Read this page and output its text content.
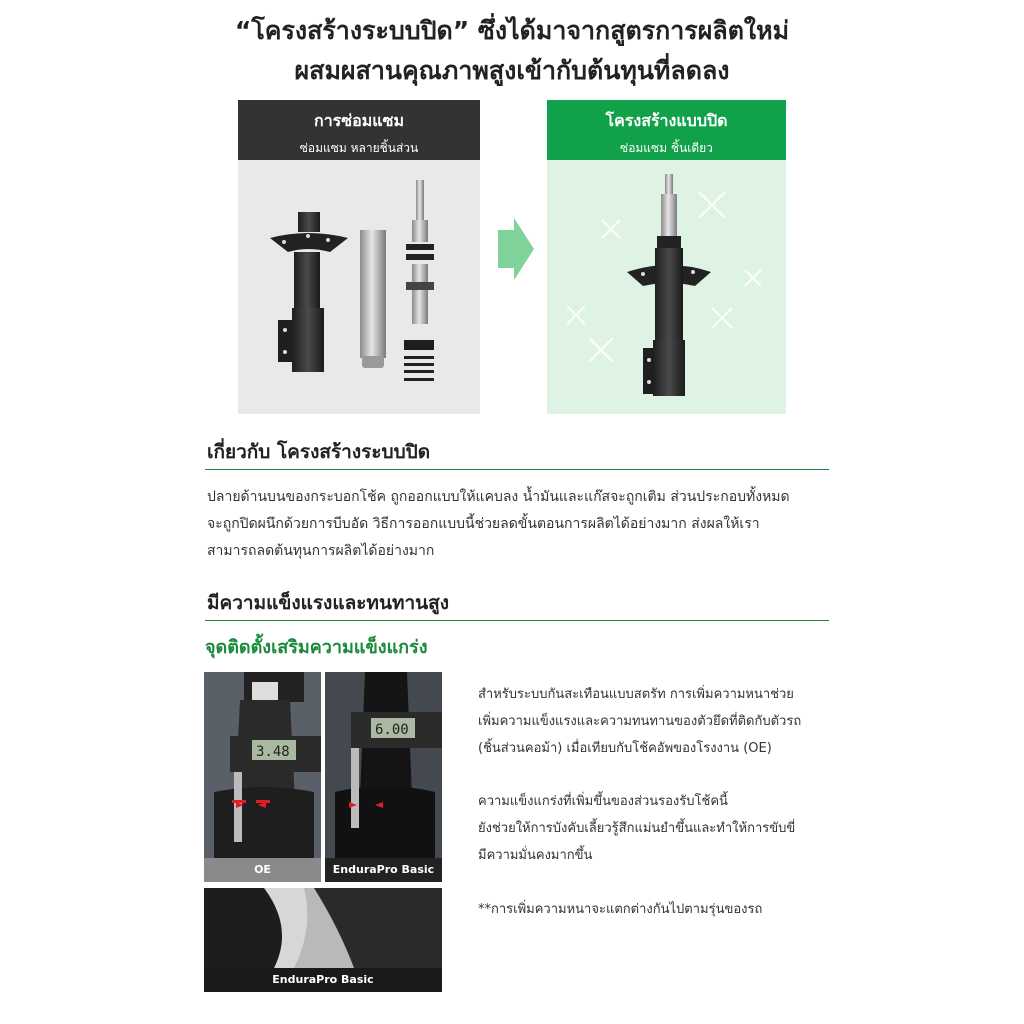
“โครงสร้างระบบปิด” ซึ่งได้มาจากสูตรการผลิตใหม่
ผสมผสานคุณภาพสูงเข้ากับต้นทุนที่ลดลง
การซ่อมแซม
ซ่อมแซม หลายชิ้นส่วน
โครงสร้างแบบปิด
ซ่อมแซม ชิ้นเดียว
เกี่ยวกับ โครงสร้างระบบปิด
ปลายด้านบนของกระบอกโช้ค ถูกออกแบบให้แคบลง น้ำมันและแก๊สจะถูกเติม ส่วนประกอบทั้งหมด
จะถูกปิดผนึกด้วยการบีบอัด วิธีการออกแบบนี้ช่วยลดขั้นตอนการผลิตได้อย่างมาก ส่งผลให้เรา
สามารถลดต้นทุนการผลิตได้อย่างมาก
มีความแข็งแรงและทนทานสูง
จุดติดตั้งเสริมความแข็งแกร่ง
3.48
6.00
OE	EnduraPro Basic
EnduraPro Basic
สำหรับระบบกันสะเทือนแบบสตรัท การเพิ่มความหนาช่วย
เพิ่มความแข็งแรงและความทนทานของตัวยึดที่ติดกับตัวรถ
(ชิ้นส่วนคอม้า) เมื่อเทียบกับโช้คอัพของโรงงาน (OE)
ความแข็งแกร่งที่เพิ่มขึ้นของส่วนรองรับโช้คนี้
ยังช่วยให้การบังคับเลี้ยวรู้สึกแม่นยำขึ้นและทำให้การขับขี่
มีความมั่นคงมากขึ้น
**การเพิ่มความหนาจะแตกต่างกันไปตามรุ่นของรถ
